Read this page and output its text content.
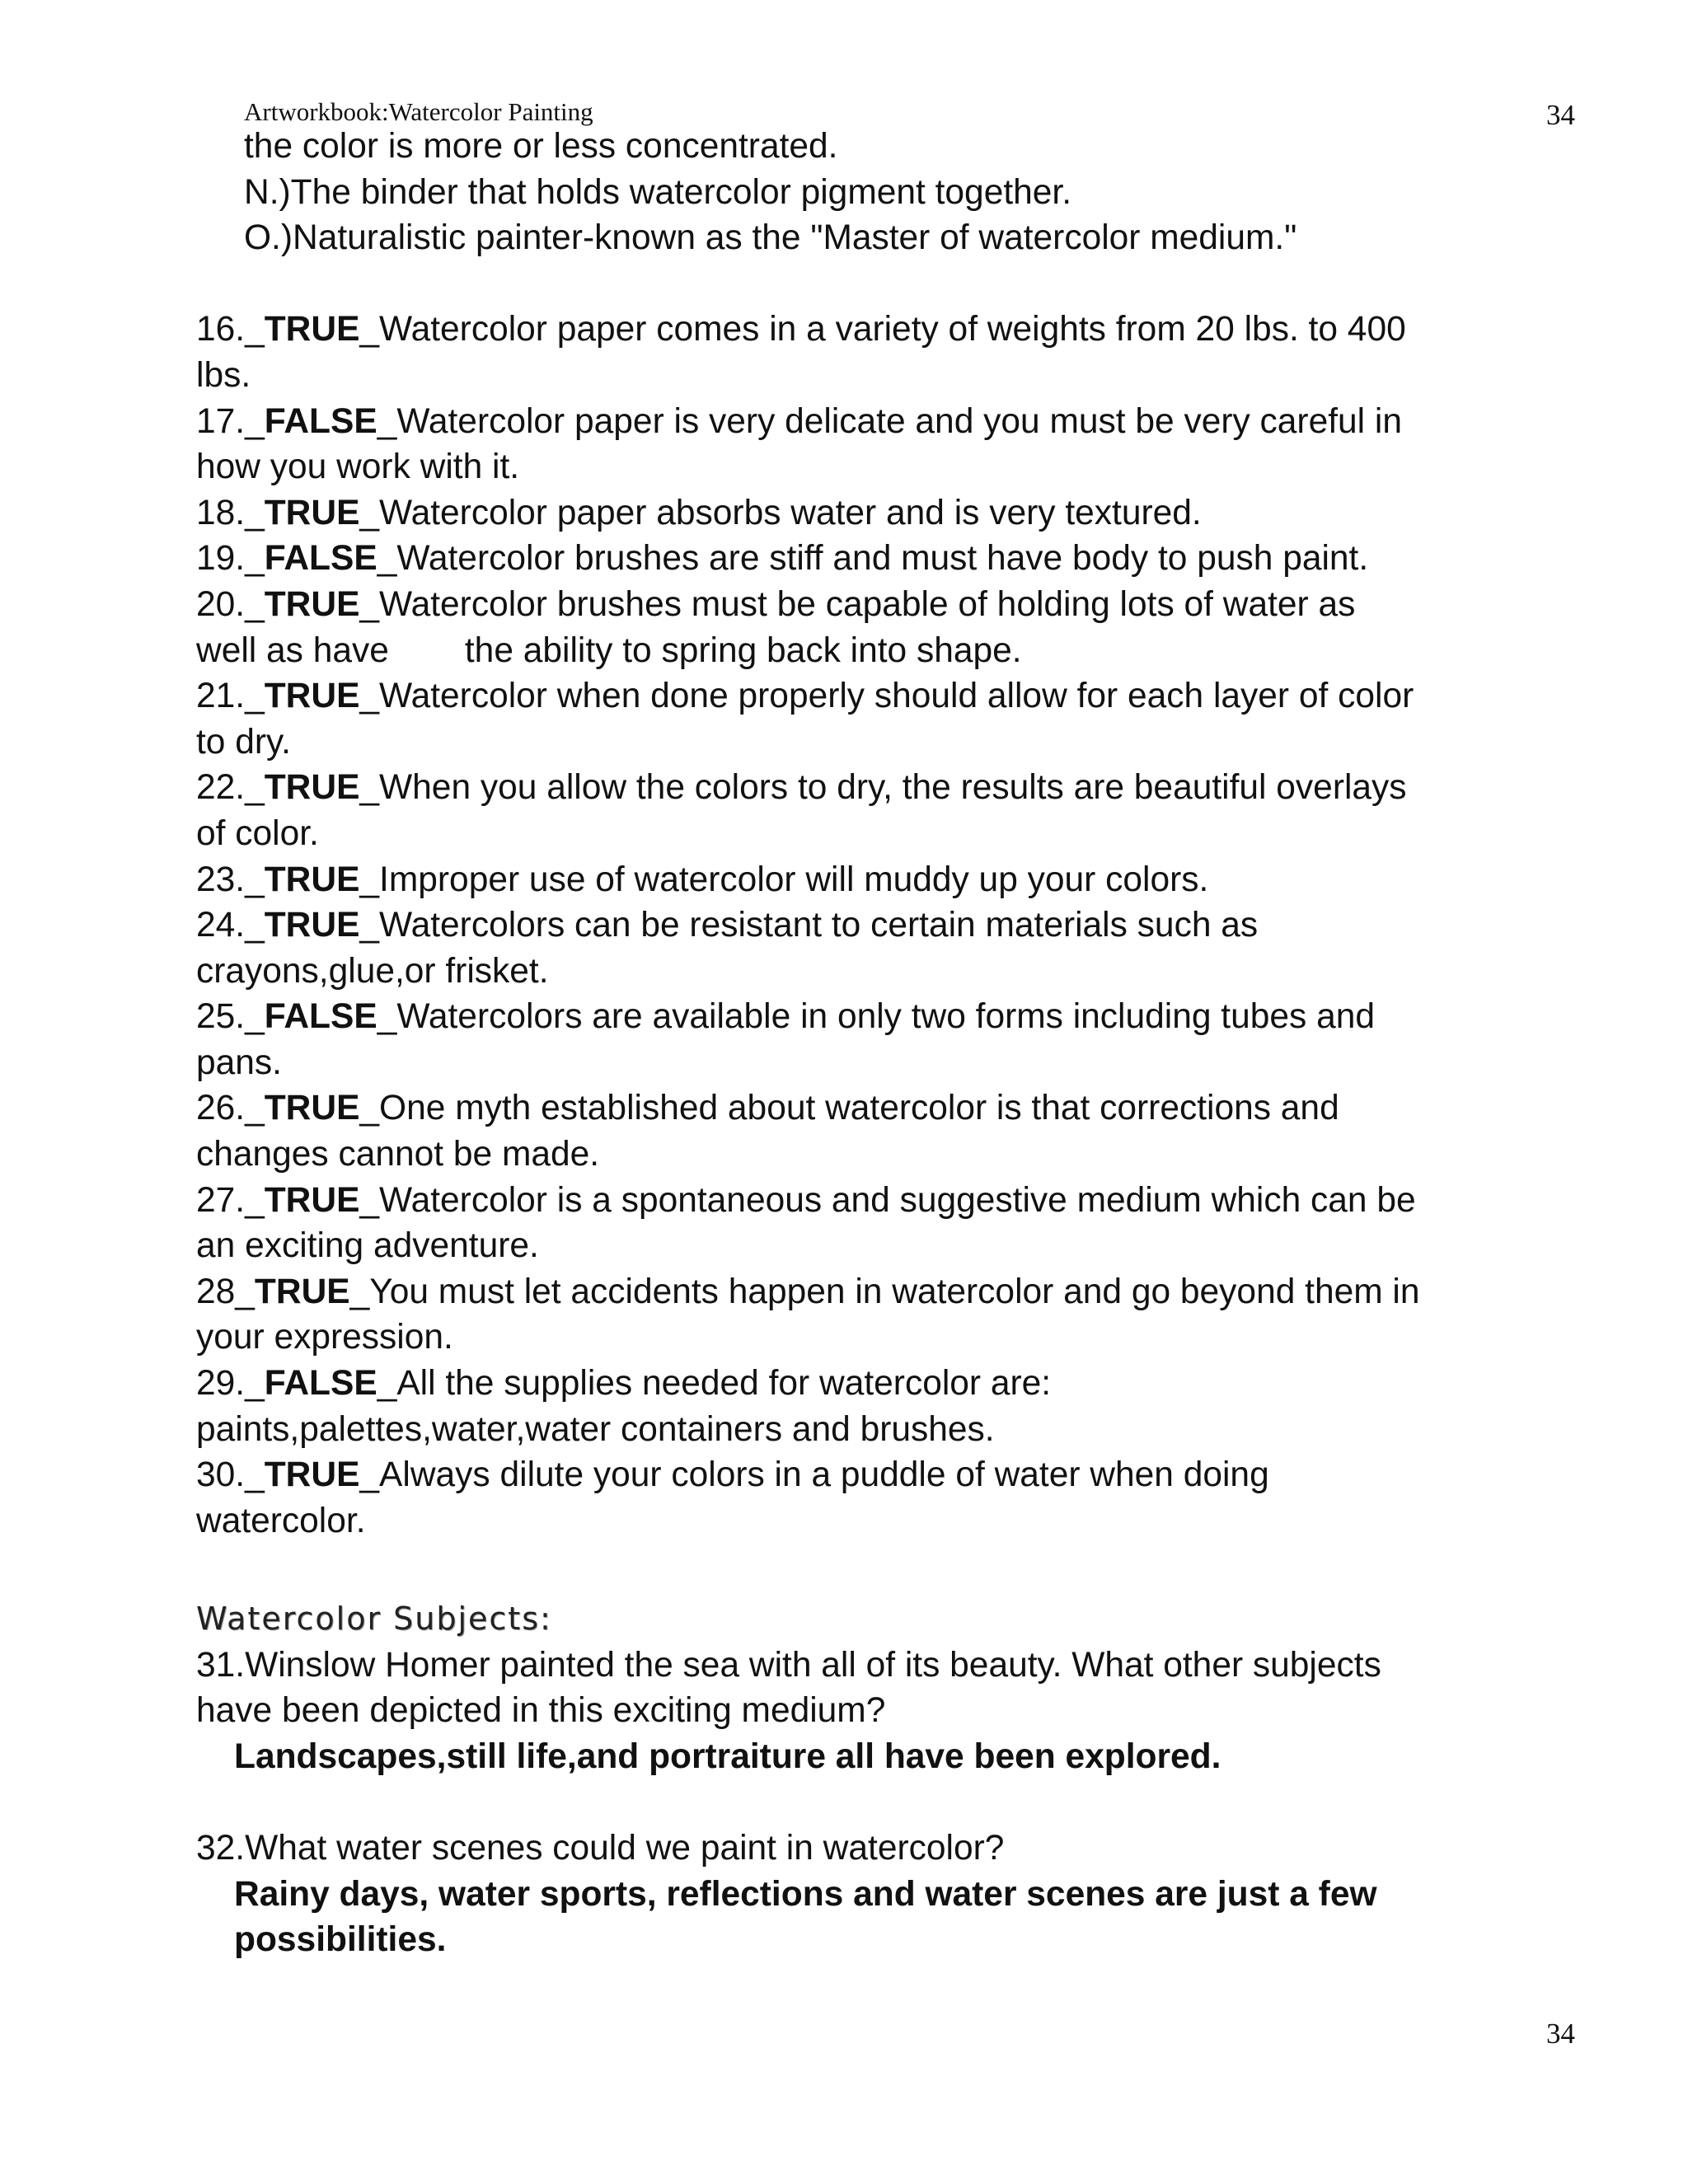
Artworkbook:Watercolor Painting	34
the color is more or less concentrated.
N.)The binder that holds watercolor pigment together.
O.)Naturalistic painter-known as the "Master of watercolor medium."
16._TRUE_Watercolor paper comes in a variety of weights from 20 lbs. to 400
lbs.
17._FALSE_Watercolor paper is very delicate and you must be very careful in
how you work with it.
18._TRUE_Watercolor paper absorbs water and is very textured.
19._FALSE_Watercolor brushes are stiff and must have body to push paint.
20._TRUE_Watercolor brushes must be capable of holding lots of water as
well as have the ability to spring back into shape.
21._TRUE_Watercolor when done properly should allow for each layer of color
to dry.
22._TRUE_When you allow the colors to dry, the results are beautiful overlays
of color.
23._TRUE_Improper use of watercolor will muddy up your colors.
24._TRUE_Watercolors can be resistant to certain materials such as
crayons,glue,or frisket.
25._FALSE_Watercolors are available in only two forms including tubes and
pans.
26._TRUE_One myth established about watercolor is that corrections and
changes cannot be made.
27._TRUE_Watercolor is a spontaneous and suggestive medium which can be
an exciting adventure.
28_TRUE_You must let accidents happen in watercolor and go beyond them in
your expression.
29._FALSE_All the supplies needed for watercolor are:
paints,palettes,water,water containers and brushes.
30._TRUE_Always dilute your colors in a puddle of water when doing
watercolor.
Watercolor Subjects:
31.Winslow Homer painted the sea with all of its beauty. What other subjects
have been depicted in this exciting medium?
Landscapes,still life,and portraiture all have been explored.
32.What water scenes could we paint in watercolor?
Rainy days, water sports, reflections and water scenes are just a few
possibilities.
34
